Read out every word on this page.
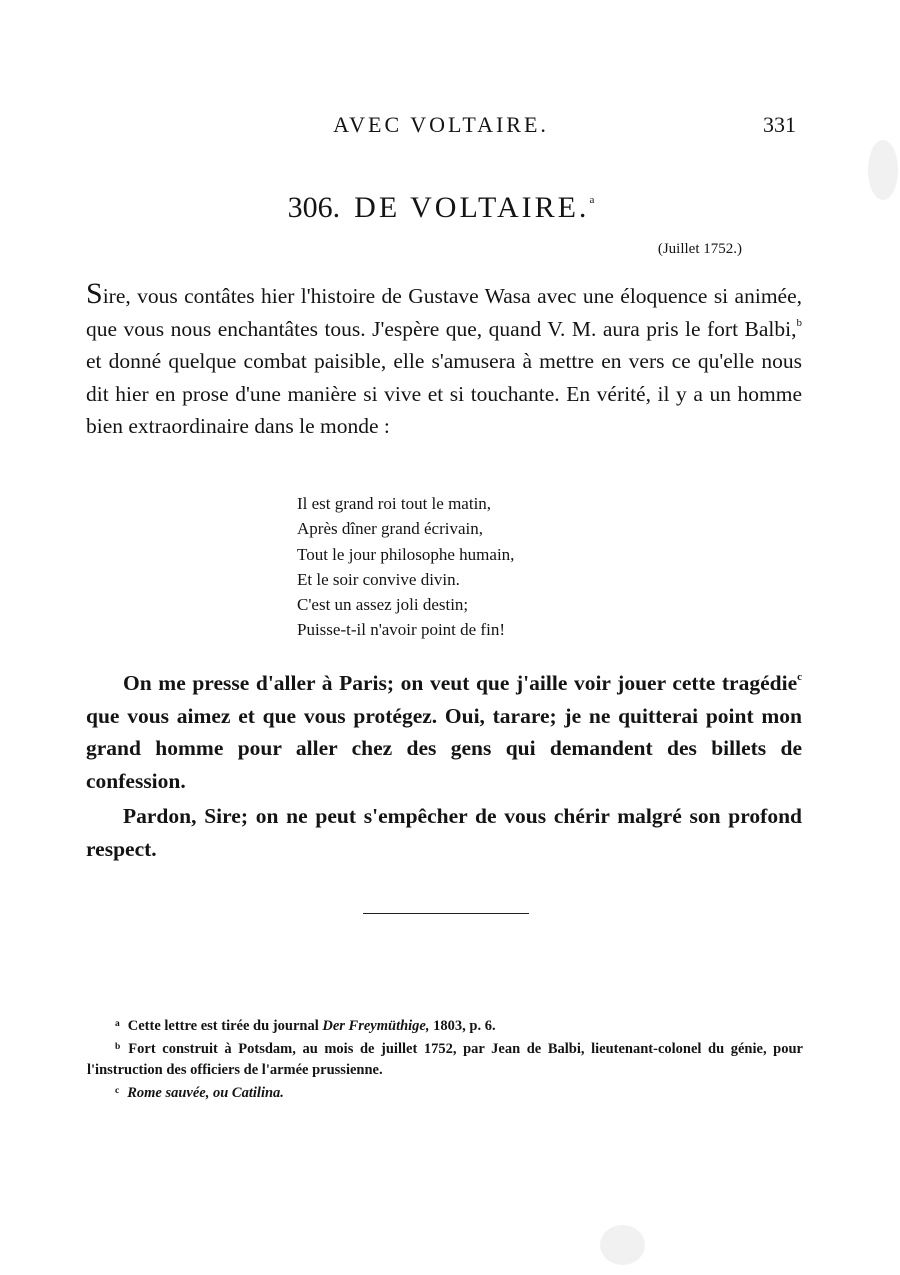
AVEC VOLTAIRE.	331
306. DE VOLTAIRE.$^a$
(Juillet 1752.)

Sire, vous contâtes hier l'histoire de Gustave Wasa avec une éloquence si animée, que vous nous enchantâtes tous. J'espère que, quand V. M. aura pris le fort Balbi,$^b$ et donné quelque combat paisible, elle s'amusera à mettre en vers ce qu'elle nous dit hier en prose d'une manière si vive et si touchante. En vérité, il y a un homme bien extraordinaire dans le monde :

Il est grand roi tout le matin,
Après dîner grand écrivain,
Tout le jour philosophe humain,
Et le soir convive divin.
C'est un assez joli destin;
Puisse-t-il n'avoir point de fin!

On me presse d'aller à Paris; on veut que j'aille voir jouer cette tragédie$^c$ que vous aimez et que vous protégez. Oui, tarare; je ne quitterai point mon grand homme pour aller chez des gens qui demandent des billets de confession.

Pardon, Sire; on ne peut s'empêcher de vous chérir malgré son profond respect.

$^a$ Cette lettre est tirée du journal Der Freymüthige, 1803, p. 6.

$^b$ Fort construit à Potsdam, au mois de juillet 1752, par Jean de Balbi, lieutenant-colonel du génie, pour l'instruction des officiers de l'armée prussienne.

$^c$ Rome sauvée, ou Catilina.
